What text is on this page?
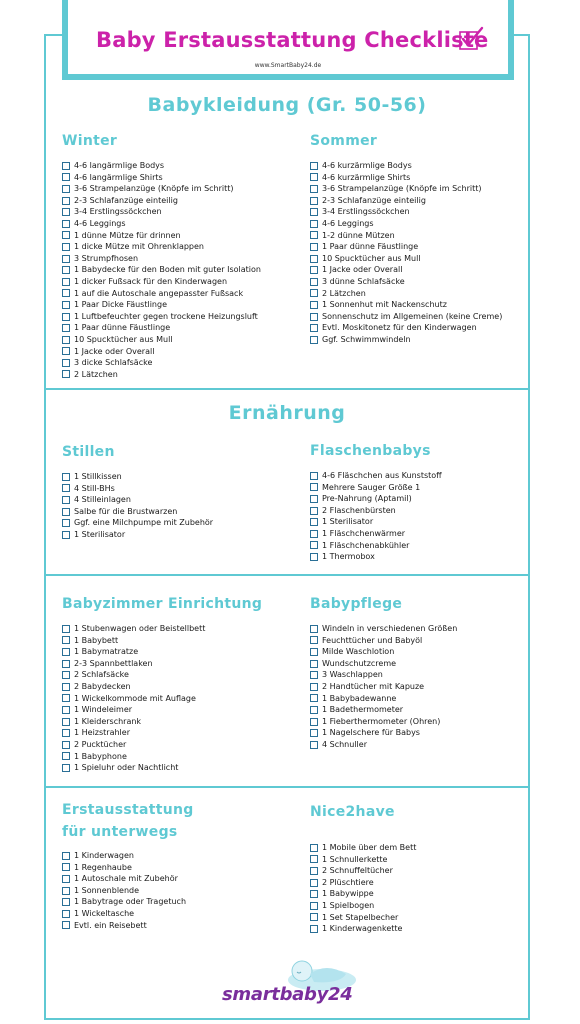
Baby Erstausstattung Checkliste
www.SmartBaby24.de
Babykleidung (Gr. 50-56)
Winter
4-6 langärmlige Bodys
4-6 langärmlige Shirts
3-6 Strampelanzüge (Knöpfe im Schritt)
2-3 Schlafanzüge einteilig
3-4 Erstlingssöckchen
4-6 Leggings
1 dünne Mütze für drinnen
1 dicke Mütze mit Ohrenklappen
3 Strumpfhosen
1 Babydecke für den Boden mit guter Isolation
1 dicker Fußsack für den Kinderwagen
1 auf die Autoschale angepasster Fußsack
1 Paar Dicke Fäustlinge
1 Luftbefeuchter gegen trockene Heizungsluft
1 Paar dünne Fäustlinge
10 Spucktücher aus Mull
1 Jacke oder Overall
3 dicke Schlafsäcke
2 Lätzchen
Sommer
4-6 kurzärmlige Bodys
4-6 kurzärmlige Shirts
3-6 Strampelanzüge (Knöpfe im Schritt)
2-3 Schlafanzüge einteilig
3-4 Erstlingssöckchen
4-6 Leggings
1-2 dünne Mützen
1 Paar dünne Fäustlinge
10 Spucktücher aus Mull
1 Jacke oder Overall
3 dünne Schlafsäcke
2 Lätzchen
1 Sonnenhut mit Nackenschutz
Sonnenschutz im Allgemeinen (keine Creme)
Evtl. Moskitonetz für den Kinderwagen
Ggf. Schwimmwindeln
Ernährung
Stillen
1 Stillkissen
4 Still-BHs
4 Stilleinlagen
Salbe für die Brustwarzen
Ggf. eine Milchpumpe mit Zubehör
1 Sterilisator
Flaschenbabys
4-6 Fläschchen aus Kunststoff
Mehrere Sauger Größe 1
Pre-Nahrung (Aptamil)
2 Flaschenbürsten
1 Sterilisator
1 Fläschchenwärmer
1 Fläschchenabkühler
1 Thermobox
Babyzimmer Einrichtung
1 Stubenwagen oder Beistellbett
1 Babybett
1 Babymatratze
2-3 Spannbettlaken
2 Schlafsäcke
2 Babydecken
1 Wickelkommode mit Auflage
1 Windeleimer
1 Kleiderschrank
1 Heizstrahler
2 Pucktücher
1 Babyphone
1 Spieluhr oder Nachtlicht
Babypflege
Windeln in verschiedenen Größen
Feuchttücher und Babyöl
Milde Waschlotion
Wundschutzcreme
3 Waschlappen
2 Handtücher mit Kapuze
1 Babybadewanne
1 Badethermometer
1 Fieberthermometer (Ohren)
1 Nagelschere für Babys
4 Schnuller
Erstausstattung
für unterwegs
1 Kinderwagen
1 Regenhaube
1 Autoschale mit Zubehör
1 Sonnenblende
1 Babytrage oder Tragetuch
1 Wickeltasche
Evtl. ein Reisebett
Nice2have
1 Mobile über dem Bett
1 Schnullerkette
2 Schnuffeltücher
2 Plüschtiere
1 Babywippe
1 Spielbogen
1 Set Stapelbecher
1 Kinderwagenkette
smartbaby24
